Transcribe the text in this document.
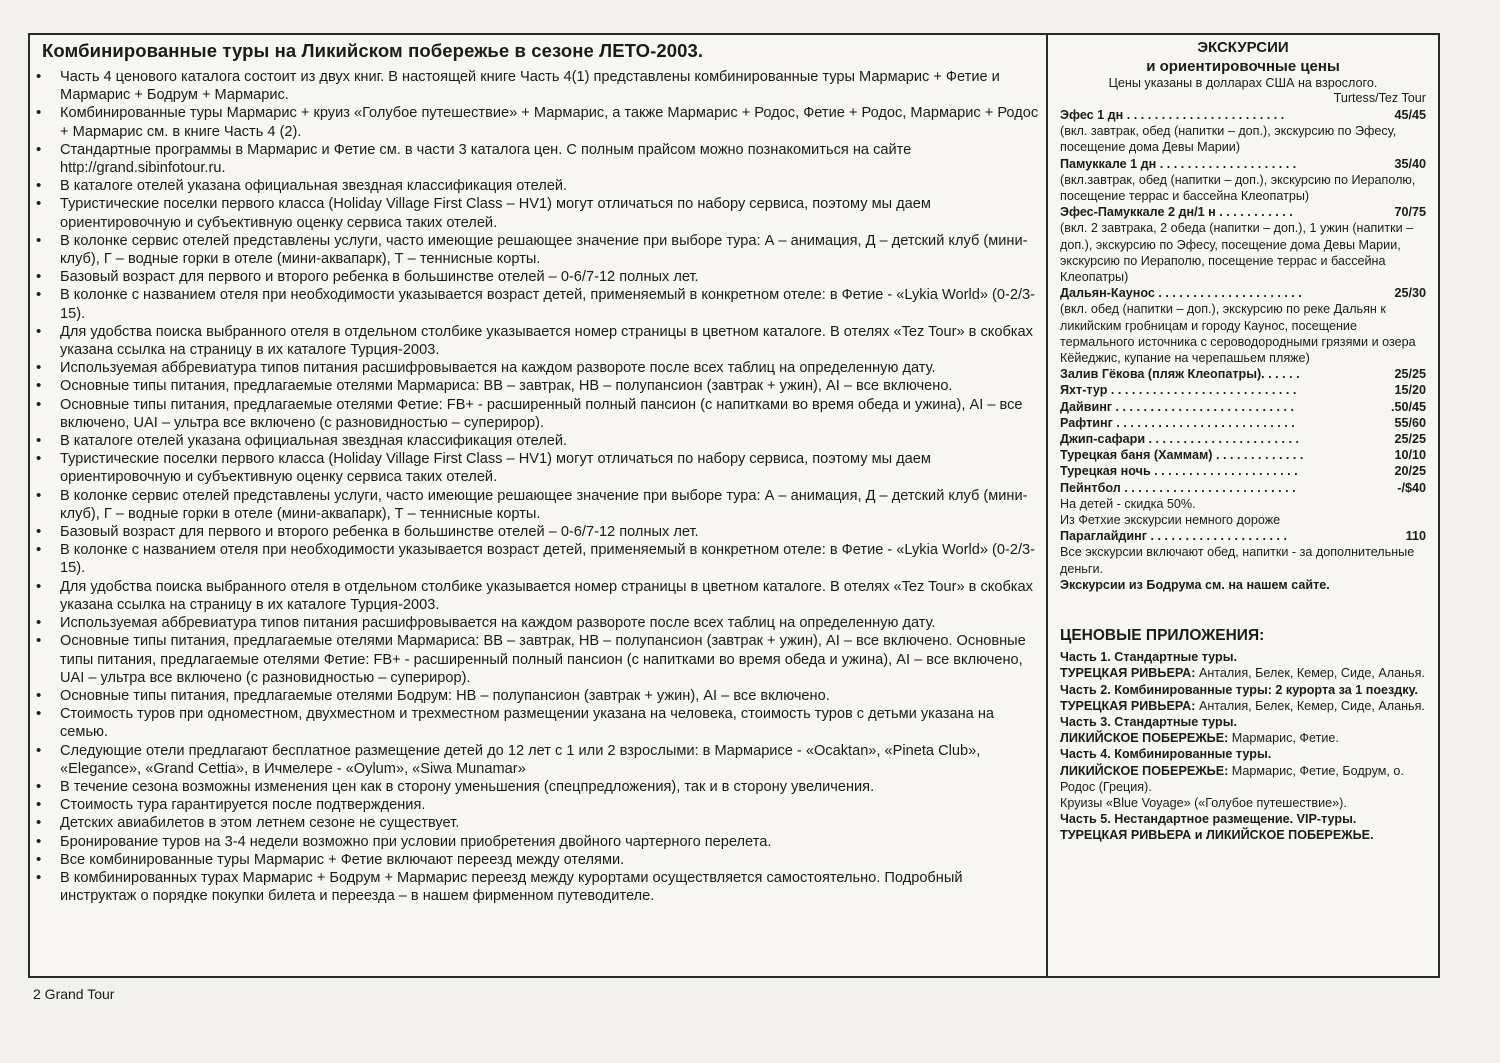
Комбинированные туры на Ликийском побережье в сезоне ЛЕТО-2003.
• Часть 4 ценового каталога состоит из двух книг. В настоящей книге Часть 4(1) представлены комбинированные туры Мармарис + Фетие и Мармарис + Бодрум + Мармарис.
• Комбинированные туры Мармарис + круиз «Голубое путешествие» + Мармарис, а также Мармарис + Родос, Фетие + Родос, Мармарис + Родос + Мармарис см. в книге Часть 4 (2).
• Стандартные программы в Мармарис и Фетие см. в части 3 каталога цен. С полным прайсом можно познакомиться на сайте http://grand.sibinfotour.ru.
• В каталоге отелей указана официальная звездная классификация отелей.
• Туристические поселки первого класса (Holiday Village First Class – HV1) могут отличаться по набору сервиса, поэтому мы даем ориентировочную и субъективную оценку сервиса таких отелей.
• В колонке сервис отелей представлены услуги, часто имеющие решающее значение при выборе тура: А – анимация, Д – детский клуб (мини-клуб), Г – водные горки в отеле (мини-аквапарк), Т – теннисные корты.
• Базовый возраст для первого и второго ребенка в большинстве отелей – 0-6/7-12 полных лет.
• В колонке с названием отеля при необходимости указывается возраст детей, применяемый в конкретном отеле: в Фетие - «Lykia World» (0-2/3-15).
• Для удобства поиска выбранного отеля в отдельном столбике указывается номер страницы в цветном каталоге. В отелях «Tez Tour» в скобках указана ссылка на страницу в их каталоге Турция-2003.
• Используемая аббревиатура типов питания расшифровывается на каждом развороте после всех таблиц на определенную дату.
• Основные типы питания, предлагаемые отелями Мармариса: ВВ – завтрак, НВ – полупансион (завтрак + ужин), AI – все включено.
• Основные типы питания, предлагаемые отелями Фетие: FB+ - расширенный полный пансион (с напитками во время обеда и ужина), AI – все включено, UAI – ультра все включено (с разновидностью – суперироp).
• В каталоге отелей указана официальная звездная классификация отелей.
• Туристические поселки первого класса (Holiday Village First Class – HV1) могут отличаться по набору сервиса, поэтому мы даем ориентировочную и субъективную оценку сервиса таких отелей.
• В колонке сервис отелей представлены услуги, часто имеющие решающее значение при выборе тура: А – анимация, Д – детский клуб (мини-клуб), Г – водные горки в отеле (мини-аквапарк), Т – теннисные корты.
• Базовый возраст для первого и второго ребенка в большинстве отелей – 0-6/7-12 полных лет.
• В колонке с названием отеля при необходимости указывается возраст детей, применяемый в конкретном отеле: в Фетие - «Lykia World» (0-2/3-15).
• Для удобства поиска выбранного отеля в отдельном столбике указывается номер страницы в цветном каталоге. В отелях «Tez Tour» в скобках указана ссылка на страницу в их каталоге Турция-2003.
• Используемая аббревиатура типов питания расшифровывается на каждом развороте после всех таблиц на определенную дату.
• Основные типы питания, предлагаемые отелями Мармариса: ВВ – завтрак, НВ – полупансион (завтрак + ужин), AI – все включено. Основные типы питания, предлагаемые отелями Фетие: FB+ - расширенный полный пансион (с напитками во время обеда и ужина), AI – все включено, UAI – ультра все включено (с разновидностью – суперироp).
• Основные типы питания, предлагаемые отелями Бодрум: НВ – полупансион (завтрак + ужин), AI – все включено.
• Стоимость туров при одноместном, двухместном и трехместном размещении указана на человека, стоимость туров с детьми указана на семью.
• Следующие отели предлагают бесплатное размещение детей до 12 лет с 1 или 2 взрослыми: в Мармарисе - «Ocaktan», «Pineta Club», «Elegance», «Grand Cettia», в Ичмелере - «Oylum», «Siwa Munamar»
• В течение сезона возможны изменения цен как в сторону уменьшения (спецпредложения), так и в сторону увеличения.
• Стоимость тура гарантируется после подтверждения.
• Детских авиабилетов в этом летнем сезоне не существует.
• Бронирование туров на 3-4 недели возможно при условии приобретения двойного чартерного перелета.
• Все комбинированные туры Мармарис + Фетие включают переезд между отелями.
• В комбинированных турах Мармарис + Бодрум + Мармарис переезд между курортами осуществляется самостоятельно. Подробный инструктаж о порядке покупки билета и переезда – в нашем фирменном путеводителе.
ЭКСКУРСИИ
и ориентировочные цены
Цены указаны в долларах США на взрослого.
Turtess/Tez Tour
Эфес 1 дн . . . . . . . . . . . . . . . . . . . . . . .	45/45
(вкл. завтрак, обед (напитки – доп.), экскурсию по Эфесу, посещение дома Девы Марии)
Памуккале 1 дн . . . . . . . . . . . . . . . . . . . .	35/40
(вкл.завтрак, обед (напитки – доп.), экскурсию по Иераполю, посещение террас и бассейна Клеопатры)
Эфес-Памуккале 2 дн/1 н . . . . . . . . . . .	70/75
(вкл. 2 завтрака, 2 обеда (напитки – доп.), 1 ужин (напитки – доп.), экскурсию по Эфесу, посещение дома Девы Марии, экскурсию по Иераполю, посещение террас и бассейна Клеопатры)
Дальян-Каунос . . . . . . . . . . . . . . . . . . . . .	25/30
(вкл. обед (напитки – доп.), экскурсию по реке Дальян к ликийским гробницам и городу Каунос, посещение термального источника с сероводородными грязями и озера Кёйеджис, купание на черепашьем пляже)
Залив Гёкова (пляж Клеопатры). . . . . .	25/25
Яхт-тур . . . . . . . . . . . . . . . . . . . . . . . . . . .	15/20
Дайвинг . . . . . . . . . . . . . . . . . . . . . . . . . .	.50/45
Рафтинг . . . . . . . . . . . . . . . . . . . . . . . . . .	55/60
Джип-сафари . . . . . . . . . . . . . . . . . . . . . .	25/25
Турецкая баня (Хаммам) . . . . . . . . . . . . .	10/10
Турецкая ночь . . . . . . . . . . . . . . . . . . . . .	20/25
Пейнтбол . . . . . . . . . . . . . . . . . . . . . . . . .	-/$40
На детей - скидка 50%.
Из Фетхие экскурсии немного дороже
Параглайдинг . . . . . . . . . . . . . . . . . . . .	110
Все экскурсии включают обед, напитки - за дополнительные деньги.
Экскурсии из Бодрума см. на нашем сайте.
ЦЕНОВЫЕ ПРИЛОЖЕНИЯ:
Часть 1. Стандартные туры.
ТУРЕЦКАЯ РИВЬЕРА: Анталия, Белек, Кемер, Сиде, Аланья.
Часть 2. Комбинированные туры: 2 курорта за 1 поездку.
ТУРЕЦКАЯ РИВЬЕРА: Анталия, Белек, Кемер, Сиде, Аланья.
Часть 3. Стандартные туры.
ЛИКИЙСКОЕ ПОБЕРЕЖЬЕ: Мармарис, Фетие.
Часть 4. Комбинированные туры.
ЛИКИЙСКОЕ ПОБЕРЕЖЬЕ: Мармарис, Фетие, Бодрум, о. Родос (Греция).
Круизы «Blue Voyage» («Голубое путешествие»).
Часть 5. Нестандартное размещение. VIP-туры.
ТУРЕЦКАЯ РИВЬЕРА и ЛИКИЙСКОЕ ПОБЕРЕЖЬЕ.
2 Grand Tour
